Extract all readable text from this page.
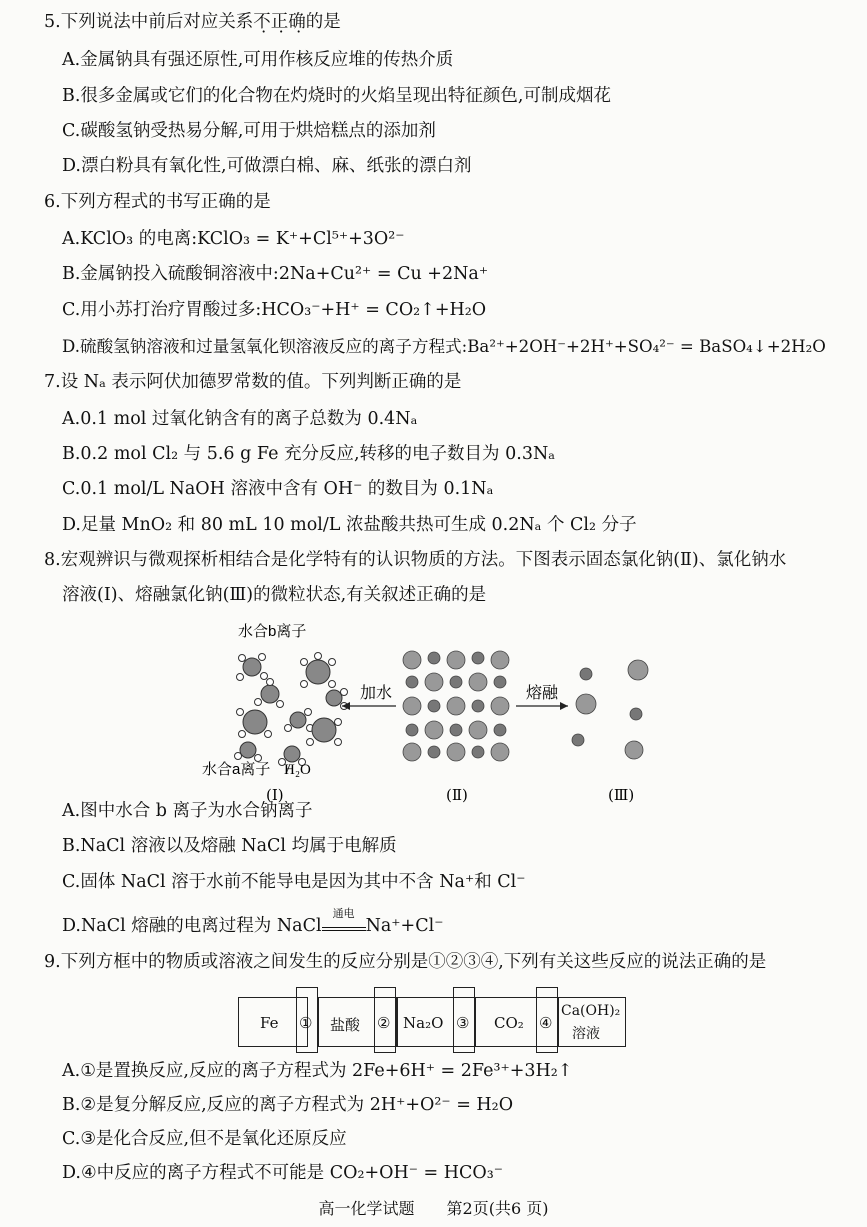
5.下列说法中前后对应关系不正确的是
A.金属钠具有强还原性,可用作核反应堆的传热介质
B.很多金属或它们的化合物在灼烧时的火焰呈现出特征颜色,可制成烟花
C.碳酸氢钠受热易分解,可用于烘焙糕点的添加剂
D.漂白粉具有氧化性,可做漂白棉、麻、纸张的漂白剂
6.下列方程式的书写正确的是
A.KClO₃ 的电离:KClO₃ = K⁺+Cl⁵⁺+3O²⁻
B.金属钠投入硫酸铜溶液中:2Na+Cu²⁺ = Cu +2Na⁺
C.用小苏打治疗胃酸过多:HCO₃⁻+H⁺ = CO₂↑+H₂O
D.硫酸氢钠溶液和过量氢氧化钡溶液反应的离子方程式:Ba²⁺+2OH⁻+2H⁺+SO₄²⁻ = BaSO₄↓+2H₂O
7.设 Nₐ 表示阿伏加德罗常数的值。下列判断正确的是
A.0.1 mol 过氧化钠含有的离子总数为 0.4Nₐ
B.0.2 mol Cl₂ 与 5.6 g Fe 充分反应,转移的电子数目为 0.3Nₐ
C.0.1 mol/L NaOH 溶液中含有 OH⁻ 的数目为 0.1Nₐ
D.足量 MnO₂ 和 80 mL 10 mol/L 浓盐酸共热可生成 0.2Nₐ 个 Cl₂ 分子
8.宏观辨识与微观探析相结合是化学特有的认识物质的方法。下图表示固态氯化钠(Ⅱ)、氯化钠水
溶液(Ⅰ)、熔融氯化钠(Ⅲ)的微粒状态,有关叙述正确的是
水合b离子
水合a离子 H₂O
(Ⅰ)
加水
(Ⅱ)
熔融
(Ⅲ)
A.图中水合 b 离子为水合钠离子
B.NaCl 溶液以及熔融 NaCl 均属于电解质
C.固体 NaCl 溶于水前不能导电是因为其中不含 Na⁺和 Cl⁻
D.NaCl 熔融的电离过程为 NaCl
通电
Na⁺+Cl⁻
9.下列方框中的物质或溶液之间发生的反应分别是①②③④,下列有关这些反应的说法正确的是
Fe ① 盐酸 ② Na₂O ③ CO₂ ④
Ca(OH)₂
溶液
A.①是置换反应,反应的离子方程式为 2Fe+6H⁺ = 2Fe³⁺+3H₂↑
B.②是复分解反应,反应的离子方程式为 2H⁺+O²⁻ = H₂O
C.③是化合反应,但不是氧化还原反应
D.④中反应的离子方程式不可能是 CO₂+OH⁻ = HCO₃⁻
高一化学试题　　第2页(共6 页)
